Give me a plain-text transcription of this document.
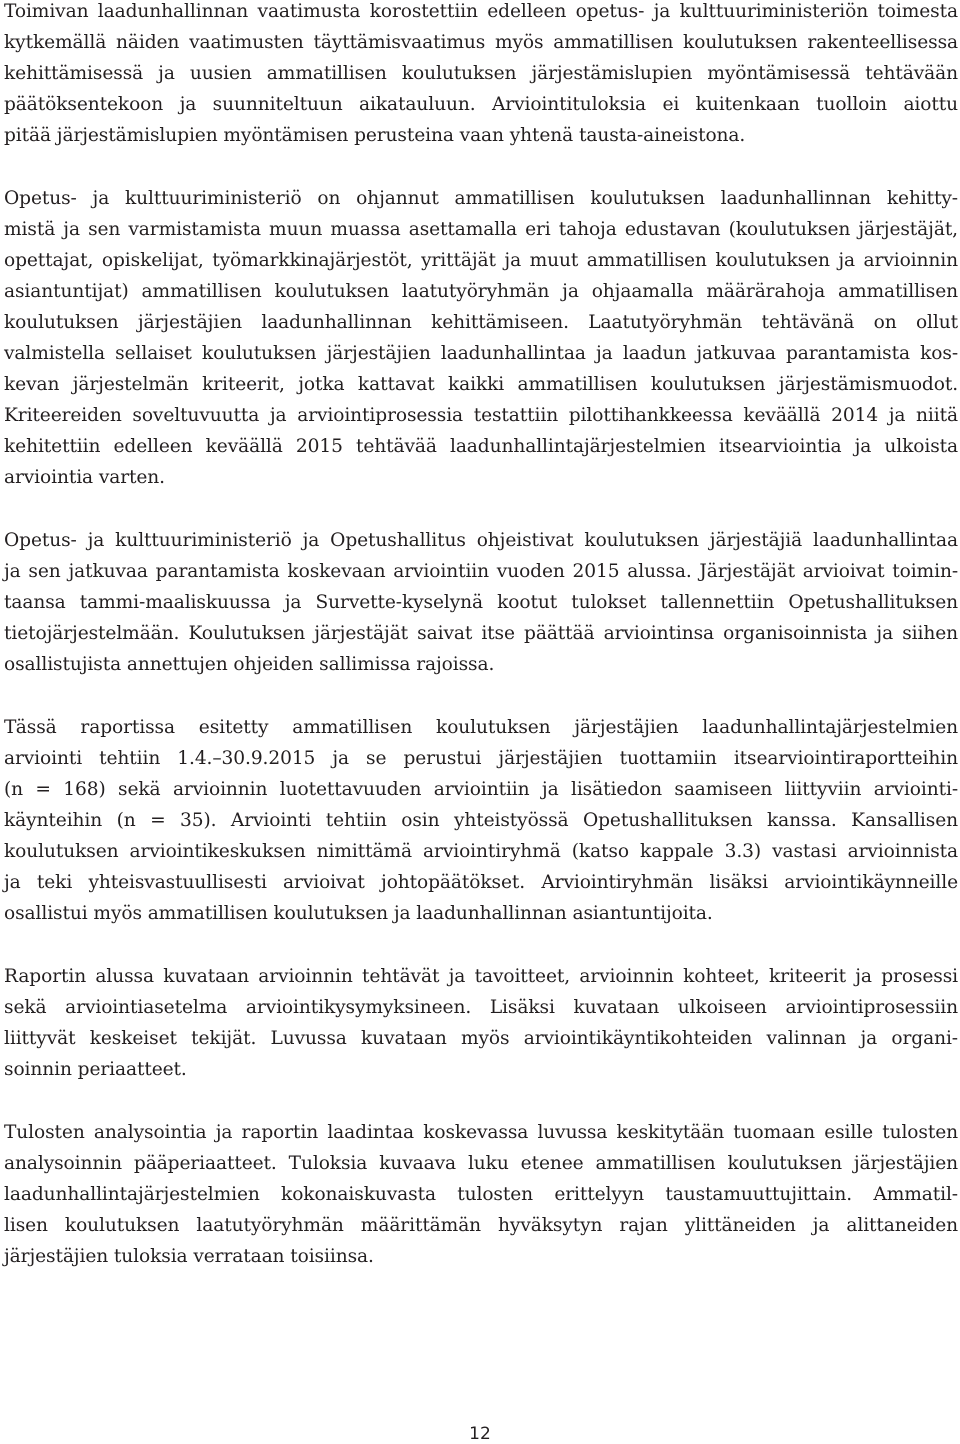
Toimivan laadunhallinnan vaatimusta korostettiin edelleen opetus- ja kulttuuriministeriön toimesta
kytkemällä näiden vaatimusten täyttämisvaatimus myös ammatillisen koulutuksen rakenteellisessa
kehittämisessä ja uusien ammatillisen koulutuksen järjestämislupien myöntämisessä tehtävään
päätöksentekoon ja suunniteltuun aikatauluun. Arviointituloksia ei kuitenkaan tuolloin aiottu
pitää järjestämislupien myöntämisen perusteina vaan yhtenä tausta-aineistona.

Opetus- ja kulttuuriministeriö on ohjannut ammatillisen koulutuksen laadunhallinnan kehitty-
mistä ja sen varmistamista muun muassa asettamalla eri tahoja edustavan (koulutuksen järjestäjät,
opettajat, opiskelijat, työmarkkinajärjestöt, yrittäjät ja muut ammatillisen koulutuksen ja arvioinnin
asiantuntijat) ammatillisen koulutuksen laatutyöryhmän ja ohjaamalla määrärahoja ammatillisen
koulutuksen järjestäjien laadunhallinnan kehittämiseen. Laatutyöryhmän tehtävänä on ollut
valmistella sellaiset koulutuksen järjestäjien laadunhallintaa ja laadun jatkuvaa parantamista kos-
kevan järjestelmän kriteerit, jotka kattavat kaikki ammatillisen koulutuksen järjestämismuodot.
Kriteereiden soveltuvuutta ja arviointiprosessia testattiin pilottihankkeessa keväällä 2014 ja niitä
kehitettiin edelleen keväällä 2015 tehtävää laadunhallintajärjestelmien itsearviointia ja ulkoista
arviointia varten.

Opetus- ja kulttuuriministeriö ja Opetushallitus ohjeistivat koulutuksen järjestäjiä laadunhallintaa
ja sen jatkuvaa parantamista koskevaan arviointiin vuoden 2015 alussa. Järjestäjät arvioivat toimin-
taansa tammi-maaliskuussa ja Survette-kyselynä kootut tulokset tallennettiin Opetushallituksen
tietojärjestelmään. Koulutuksen järjestäjät saivat itse päättää arviointinsa organisoinnista ja siihen
osallistujista annettujen ohjeiden sallimissa rajoissa.

Tässä raportissa esitetty ammatillisen koulutuksen järjestäjien laadunhallintajärjestelmien
arviointi tehtiin 1.4.–30.9.2015 ja se perustui järjestäjien tuottamiin itsearviointiraportteihin
(n = 168) sekä arvioinnin luotettavuuden arviointiin ja lisätiedon saamiseen liittyviin arviointi-
käynteihin (n = 35). Arviointi tehtiin osin yhteistyössä Opetushallituksen kanssa. Kansallisen
koulutuksen arviointikeskuksen nimittämä arviointiryhmä (katso kappale 3.3) vastasi arvioinnista
ja teki yhteisvastuullisesti arvioivat johtopäätökset. Arviointiryhmän lisäksi arviointikäynneille
osallistui myös ammatillisen koulutuksen ja laadunhallinnan asiantuntijoita.

Raportin alussa kuvataan arvioinnin tehtävät ja tavoitteet, arvioinnin kohteet, kriteerit ja prosessi
sekä arviointiasetelma arviointikysymyksineen. Lisäksi kuvataan ulkoiseen arviointiprosessiin
liittyvät keskeiset tekijät. Luvussa kuvataan myös arviointikäyntikohteiden valinnan ja organi-
soinnin periaatteet.

Tulosten analysointia ja raportin laadintaa koskevassa luvussa keskitytään tuomaan esille tulosten
analysoinnin pääperiaatteet. Tuloksia kuvaava luku etenee ammatillisen koulutuksen järjestäjien
laadunhallintajärjestelmien kokonaiskuvasta tulosten erittelyyn taustamuuttujittain. Ammatil-
lisen koulutuksen laatutyöryhmän määrittämän hyväksytyn rajan ylittäneiden ja alittaneiden
järjestäjien tuloksia verrataan toisiinsa.

12
